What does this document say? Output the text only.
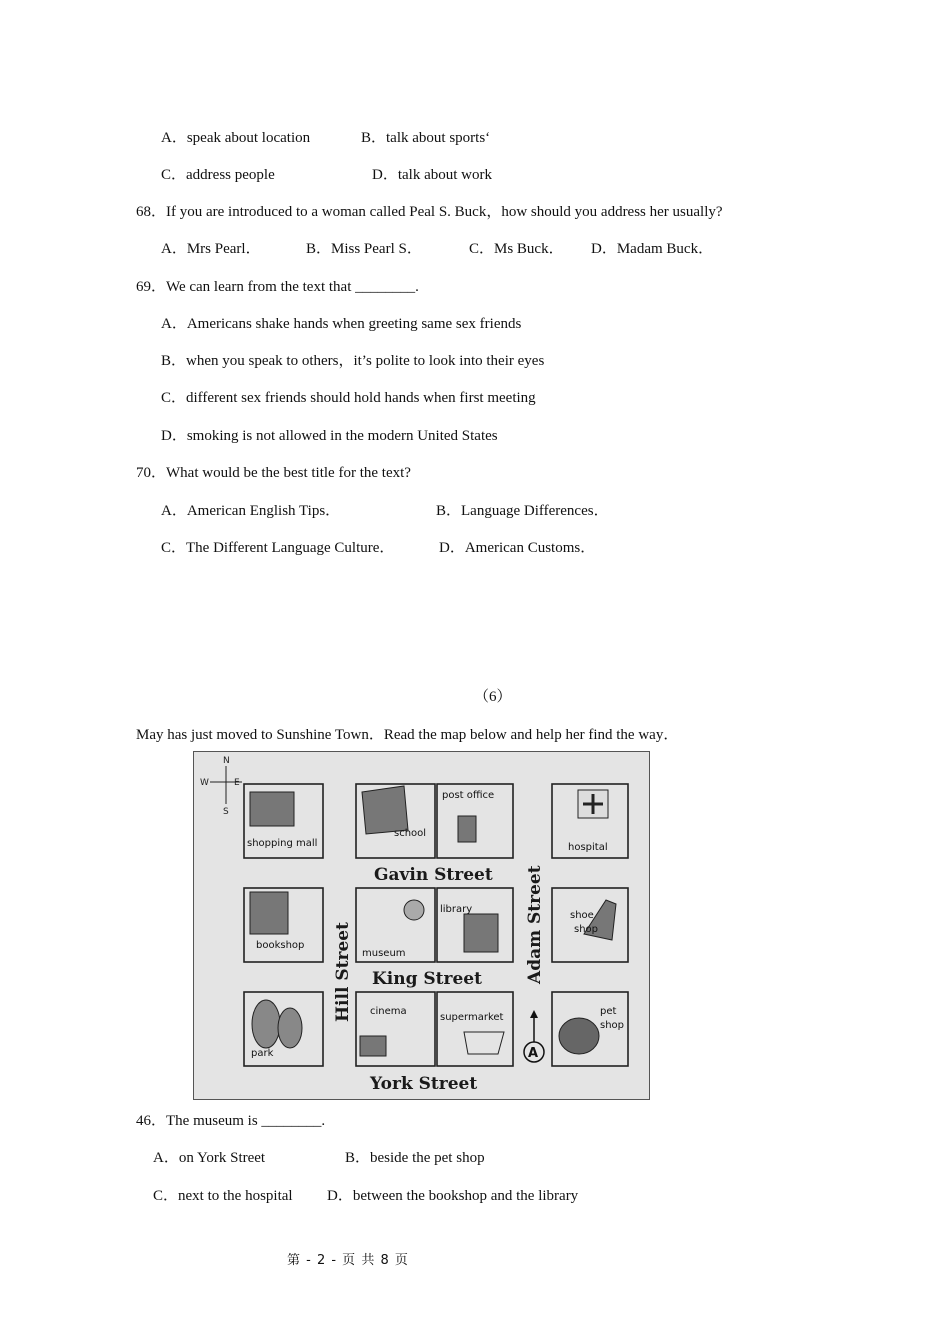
A．speak about location	B．talk about sports‘
C．address people	D．talk about work
68．If you are introduced to a woman called Peal S. Buck，how should you address her usually?
A．Mrs Pearl．	B．Miss Pearl S．	C．Ms Buck． D．Madam Buck．
69．We can learn from the text that ________.
A．Americans shake hands when greeting same sex friends
B．when you speak to others，it’s polite to look into their eyes
C．different sex friends should hold hands when first meeting
D．smoking is not allowed in the modern United States
70．What would be the best title for the text?
A．American English Tips．	B．Language Differences．
C．The Different Language Culture．	D．American Customs．
（6）
May has just moved to Sunshine Town．Read the map below and help her find the way．
N
S
W	E
shopping mall
school
post office
hospital
bookshop
museum
library
shoe
shop
park
cinema
supermarket
pet
shop
Gavin Street
King Street
York Street
Hill Street	Adam Street
A
46．The museum is ________.
A．on York Street	B．beside the pet shop
C．next to the hospital D．between the bookshop and the library
第 - 2 - 页 共 8 页
